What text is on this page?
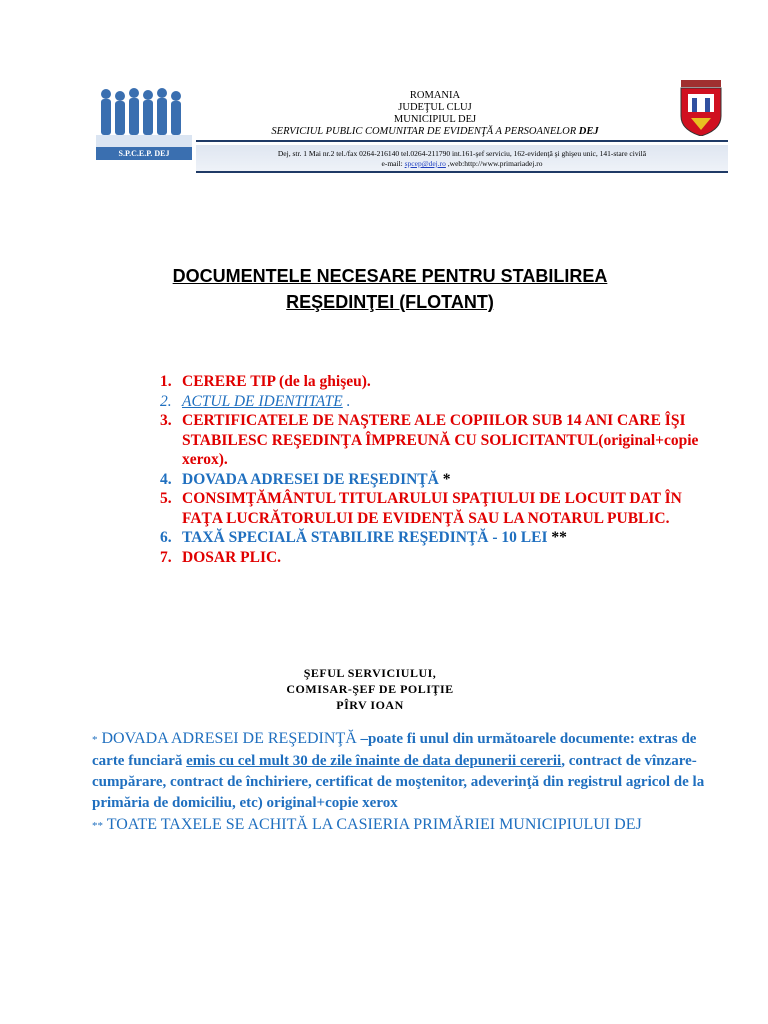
S.P.C.E.P. DEJ
ROMANIA
JUDEŢUL CLUJ
MUNICIPIUL DEJ
SERVICIUL PUBLIC COMUNITAR DE EVIDENŢĂ A PERSOANELOR DEJ
Dej, str. 1 Mai nr.2 tel./fax 0264-216140 tel.0264-211790 int.161-şef serviciu, 162-evidenţă şi ghişeu unic, 141-stare civilă
e-mail: spcep@dej.ro ,web:http://www.primariadej.ro
DOCUMENTELE NECESARE PENTRU STABILIREA
REŞEDINŢEI (FLOTANT)
1. CERERE TIP (de la ghişeu).
2. ACTUL DE IDENTITATE .
3. CERTIFICATELE DE NAŞTERE ALE COPIILOR SUB 14 ANI CARE ÎŞI STABILESC REŞEDINŢA ÎMPREUNĂ CU SOLICITANTUL(original+copie xerox).
4. DOVADA ADRESEI DE REŞEDINŢĂ *
5. CONSIMŢĂMÂNTUL TITULARULUI SPAŢIULUI DE LOCUIT DAT ÎN FAŢA LUCRĂTORULUI DE EVIDENŢĂ SAU LA NOTARUL PUBLIC.
6. TAXĂ SPECIALĂ STABILIRE REŞEDINŢĂ - 10 LEI **
7. DOSAR PLIC.
ŞEFUL SERVICIULUI,
COMISAR-ŞEF DE POLIŢIE
PÎRV IOAN
* DOVADA ADRESEI DE REŞEDINŢĂ –poate fi unul din următoarele documente: extras de carte funciară emis cu cel mult 30 de zile înainte de data depunerii cererii, contract de vînzare-cumpărare, contract de închiriere, certificat de moştenitor, adeverinţă din registrul agricol de la primăria de domiciliu, etc) original+copie xerox
** TOATE TAXELE SE ACHITĂ LA CASIERIA PRIMĂRIEI MUNICIPIULUI DEJ
